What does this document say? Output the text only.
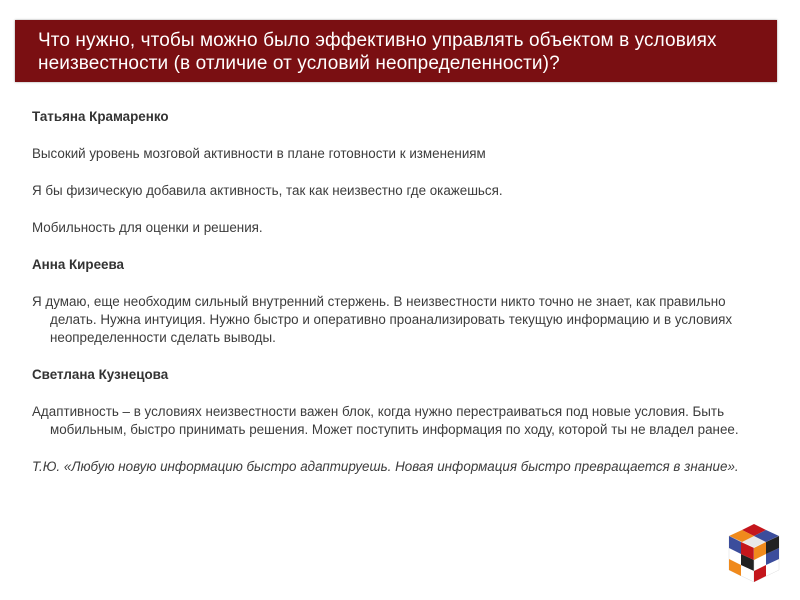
Что нужно, чтобы можно было эффективно управлять объектом в условиях неизвестности (в отличие от условий неопределенности)?

Татьяна Крамаренко

Высокий уровень мозговой активности в плане готовности к изменениям

Я бы физическую добавила активность, так как неизвестно где окажешься.

Мобильность для оценки и решения.

Анна Киреева

Я думаю, еще необходим сильный внутренний стержень. В неизвестности никто точно не знает, как правильно делать. Нужна интуиция. Нужно быстро и оперативно проанализировать текущую информацию и в условиях неопределенности сделать выводы.

Светлана Кузнецова

Адаптивность – в условиях неизвестности важен блок, когда нужно перестраиваться под новые условия. Быть мобильным, быстро принимать решения. Может поступить информация по ходу, которой ты не владел ранее.

Т.Ю. «Любую новую информацию быстро адаптируешь. Новая информация быстро превращается в знание».
